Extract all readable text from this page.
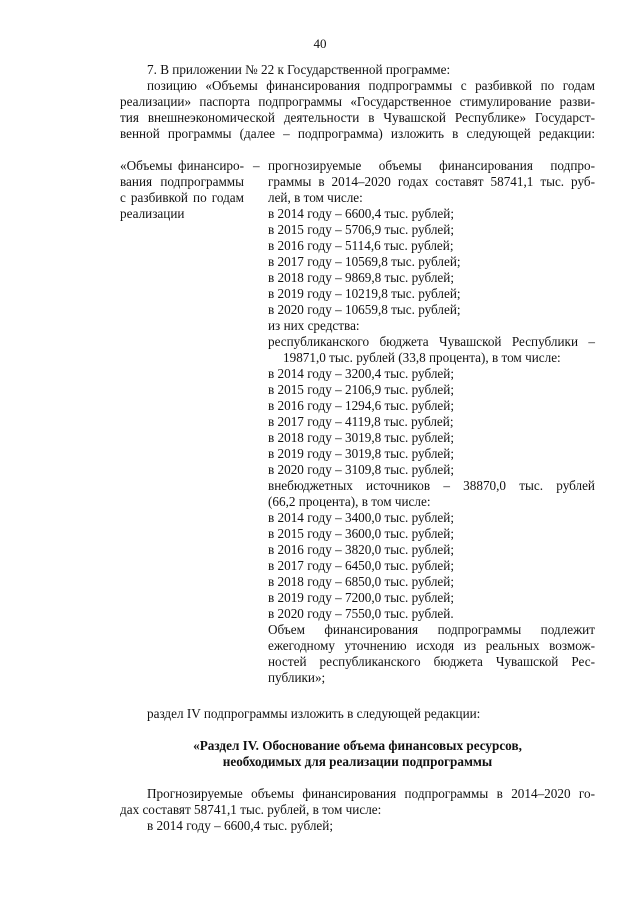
40
7. В приложении № 22 к Государственной программе:
позицию «Объемы финансирования подпрограммы с разбивкой по годам
реализации» паспорта подпрограммы «Государственное стимулирование разви-
тия внешнеэкономической деятельности в Чувашской Республике» Государст-
венной программы (далее – подпрограмма) изложить в следующей редакции:
«Объемы финансиро-
вания подпрограммы
с разбивкой по годам
реализации
– прогнозируемые объемы финансирования подпро-
граммы в 2014–2020 годах составят 58741,1 тыс. руб-
лей, в том числе:
в 2014 году – 6600,4 тыс. рублей;
в 2015 году – 5706,9 тыс. рублей;
в 2016 году – 5114,6 тыс. рублей;
в 2017 году – 10569,8 тыс. рублей;
в 2018 году – 9869,8 тыс. рублей;
в 2019 году – 10219,8 тыс. рублей;
в 2020 году – 10659,8 тыс. рублей;
из них средства:
республиканского бюджета Чувашской Республики –
19871,0 тыс. рублей (33,8 процента), в том числе:
в 2014 году – 3200,4 тыс. рублей;
в 2015 году – 2106,9 тыс. рублей;
в 2016 году – 1294,6 тыс. рублей;
в 2017 году – 4119,8 тыс. рублей;
в 2018 году – 3019,8 тыс. рублей;
в 2019 году – 3019,8 тыс. рублей;
в 2020 году – 3109,8 тыс. рублей;
внебюджетных источников – 38870,0 тыс. рублей
(66,2 процента), в том числе:
в 2014 году – 3400,0 тыс. рублей;
в 2015 году – 3600,0 тыс. рублей;
в 2016 году – 3820,0 тыс. рублей;
в 2017 году – 6450,0 тыс. рублей;
в 2018 году – 6850,0 тыс. рублей;
в 2019 году – 7200,0 тыс. рублей;
в 2020 году – 7550,0 тыс. рублей.
Объем финансирования подпрограммы подлежит
ежегодному уточнению исходя из реальных возмож-
ностей республиканского бюджета Чувашской Рес-
публики»;
раздел IV подпрограммы изложить в следующей редакции:
«Раздел IV. Обоснование объема финансовых ресурсов,
необходимых для реализации подпрограммы
Прогнозируемые объемы финансирования подпрограммы в 2014–2020 го-
дах составят 58741,1 тыс. рублей, в том числе:
в 2014 году – 6600,4 тыс. рублей;
